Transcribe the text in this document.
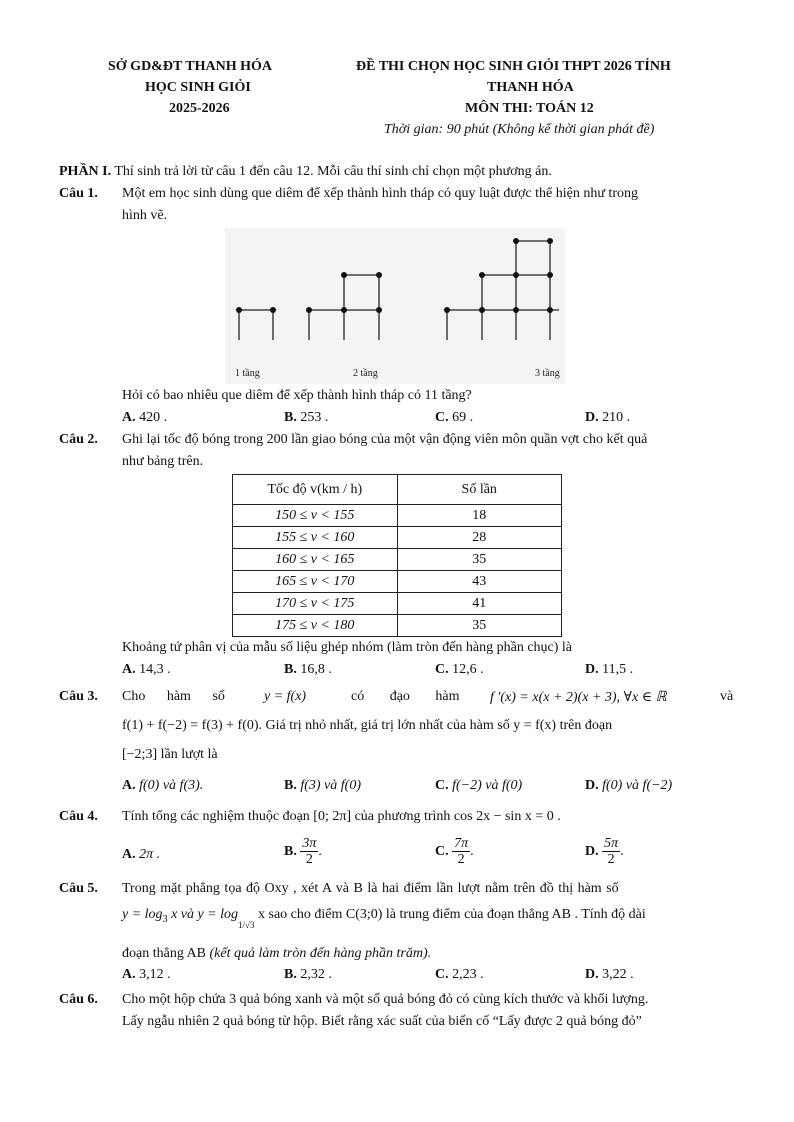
SỞ GD&ĐT THANH HÓA
HỌC SINH GIỎI
2025-2026
ĐỀ THI CHỌN HỌC SINH GIỎI THPT 2026 TỈNH
THANH HÓA
MÔN THI: TOÁN 12
Thời gian: 90 phút (Không kể thời gian phát đề)
PHẦN I. Thí sinh trả lời từ câu 1 đến câu 12. Mỗi câu thí sinh chỉ chọn một phương án.
Câu 1. Một em học sinh dùng que diêm để xếp thành hình tháp có quy luật được thể hiện như trong
hình vẽ.
1 tầng	2 tầng	3 tầng
Hỏi có bao nhiêu que diêm để xếp thành hình tháp có 11 tầng?
A. 420 .	B. 253 .	C. 69 .	D. 210 .
Câu 2. Ghi lại tốc độ bóng trong 200 lần giao bóng của một vận động viên môn quần vợt cho kết quả
như bảng trên.
Tốc độ v(km / h)	Số lần
150 ≤ v < 155	18
155 ≤ v < 160	28
160 ≤ v < 165	35
165 ≤ v < 170	43
170 ≤ v < 175	41
175 ≤ v < 180	35
Khoảng tứ phân vị của mẫu số liệu ghép nhóm (làm tròn đến hàng phần chục) là
A. 14,3 .	B. 16,8 .	C. 12,6 .	D. 11,5 .
Câu 3. Cho hàm số	y = f(x)	có đạo hàm f '(x) = x(x + 2)(x + 3), ∀x ∈ ℝ	và
f(1) + f(−2) = f(3) + f(0). Giá trị nhỏ nhất, giá trị lớn nhất của hàm số y = f(x) trên đoạn
[−2;3] lần lượt là
A. f(0) và f(3).	B. f(3) và f(0)	C. f(−2) và f(0)	D. f(0) và f(−2)
Câu 4. Tính tổng các nghiệm thuộc đoạn [0; 2π] của phương trình cos 2x − sin x = 0 .
A. 2π .	B. $\frac{3\pi}{2}$ .	C. $\frac{7\pi}{2}$ .	D. $\frac{5\pi}{2}$ .
Câu 5. Trong mặt phẳng tọa độ Oxy , xét A và B là hai điểm lần lượt nằm trên đồ thị hàm số
$y = \log_3 x$ và $y = \log_{1/√3} x$ sao cho điểm C(3;0) là trung điểm của đoạn thẳng AB . Tính độ dài
đoạn thẳng AB (kết quả làm tròn đến hàng phần trăm).
A. 3,12 .	B. 2,32 .	C. 2,23 .	D. 3,22 .
Câu 6. Cho một hộp chứa 3 quả bóng xanh và một số quả bóng đỏ có cùng kích thước và khối lượng.
Lấy ngẫu nhiên 2 quả bóng từ hộp. Biết rằng xác suất của biến cố “Lấy được 2 quả bóng đỏ”
